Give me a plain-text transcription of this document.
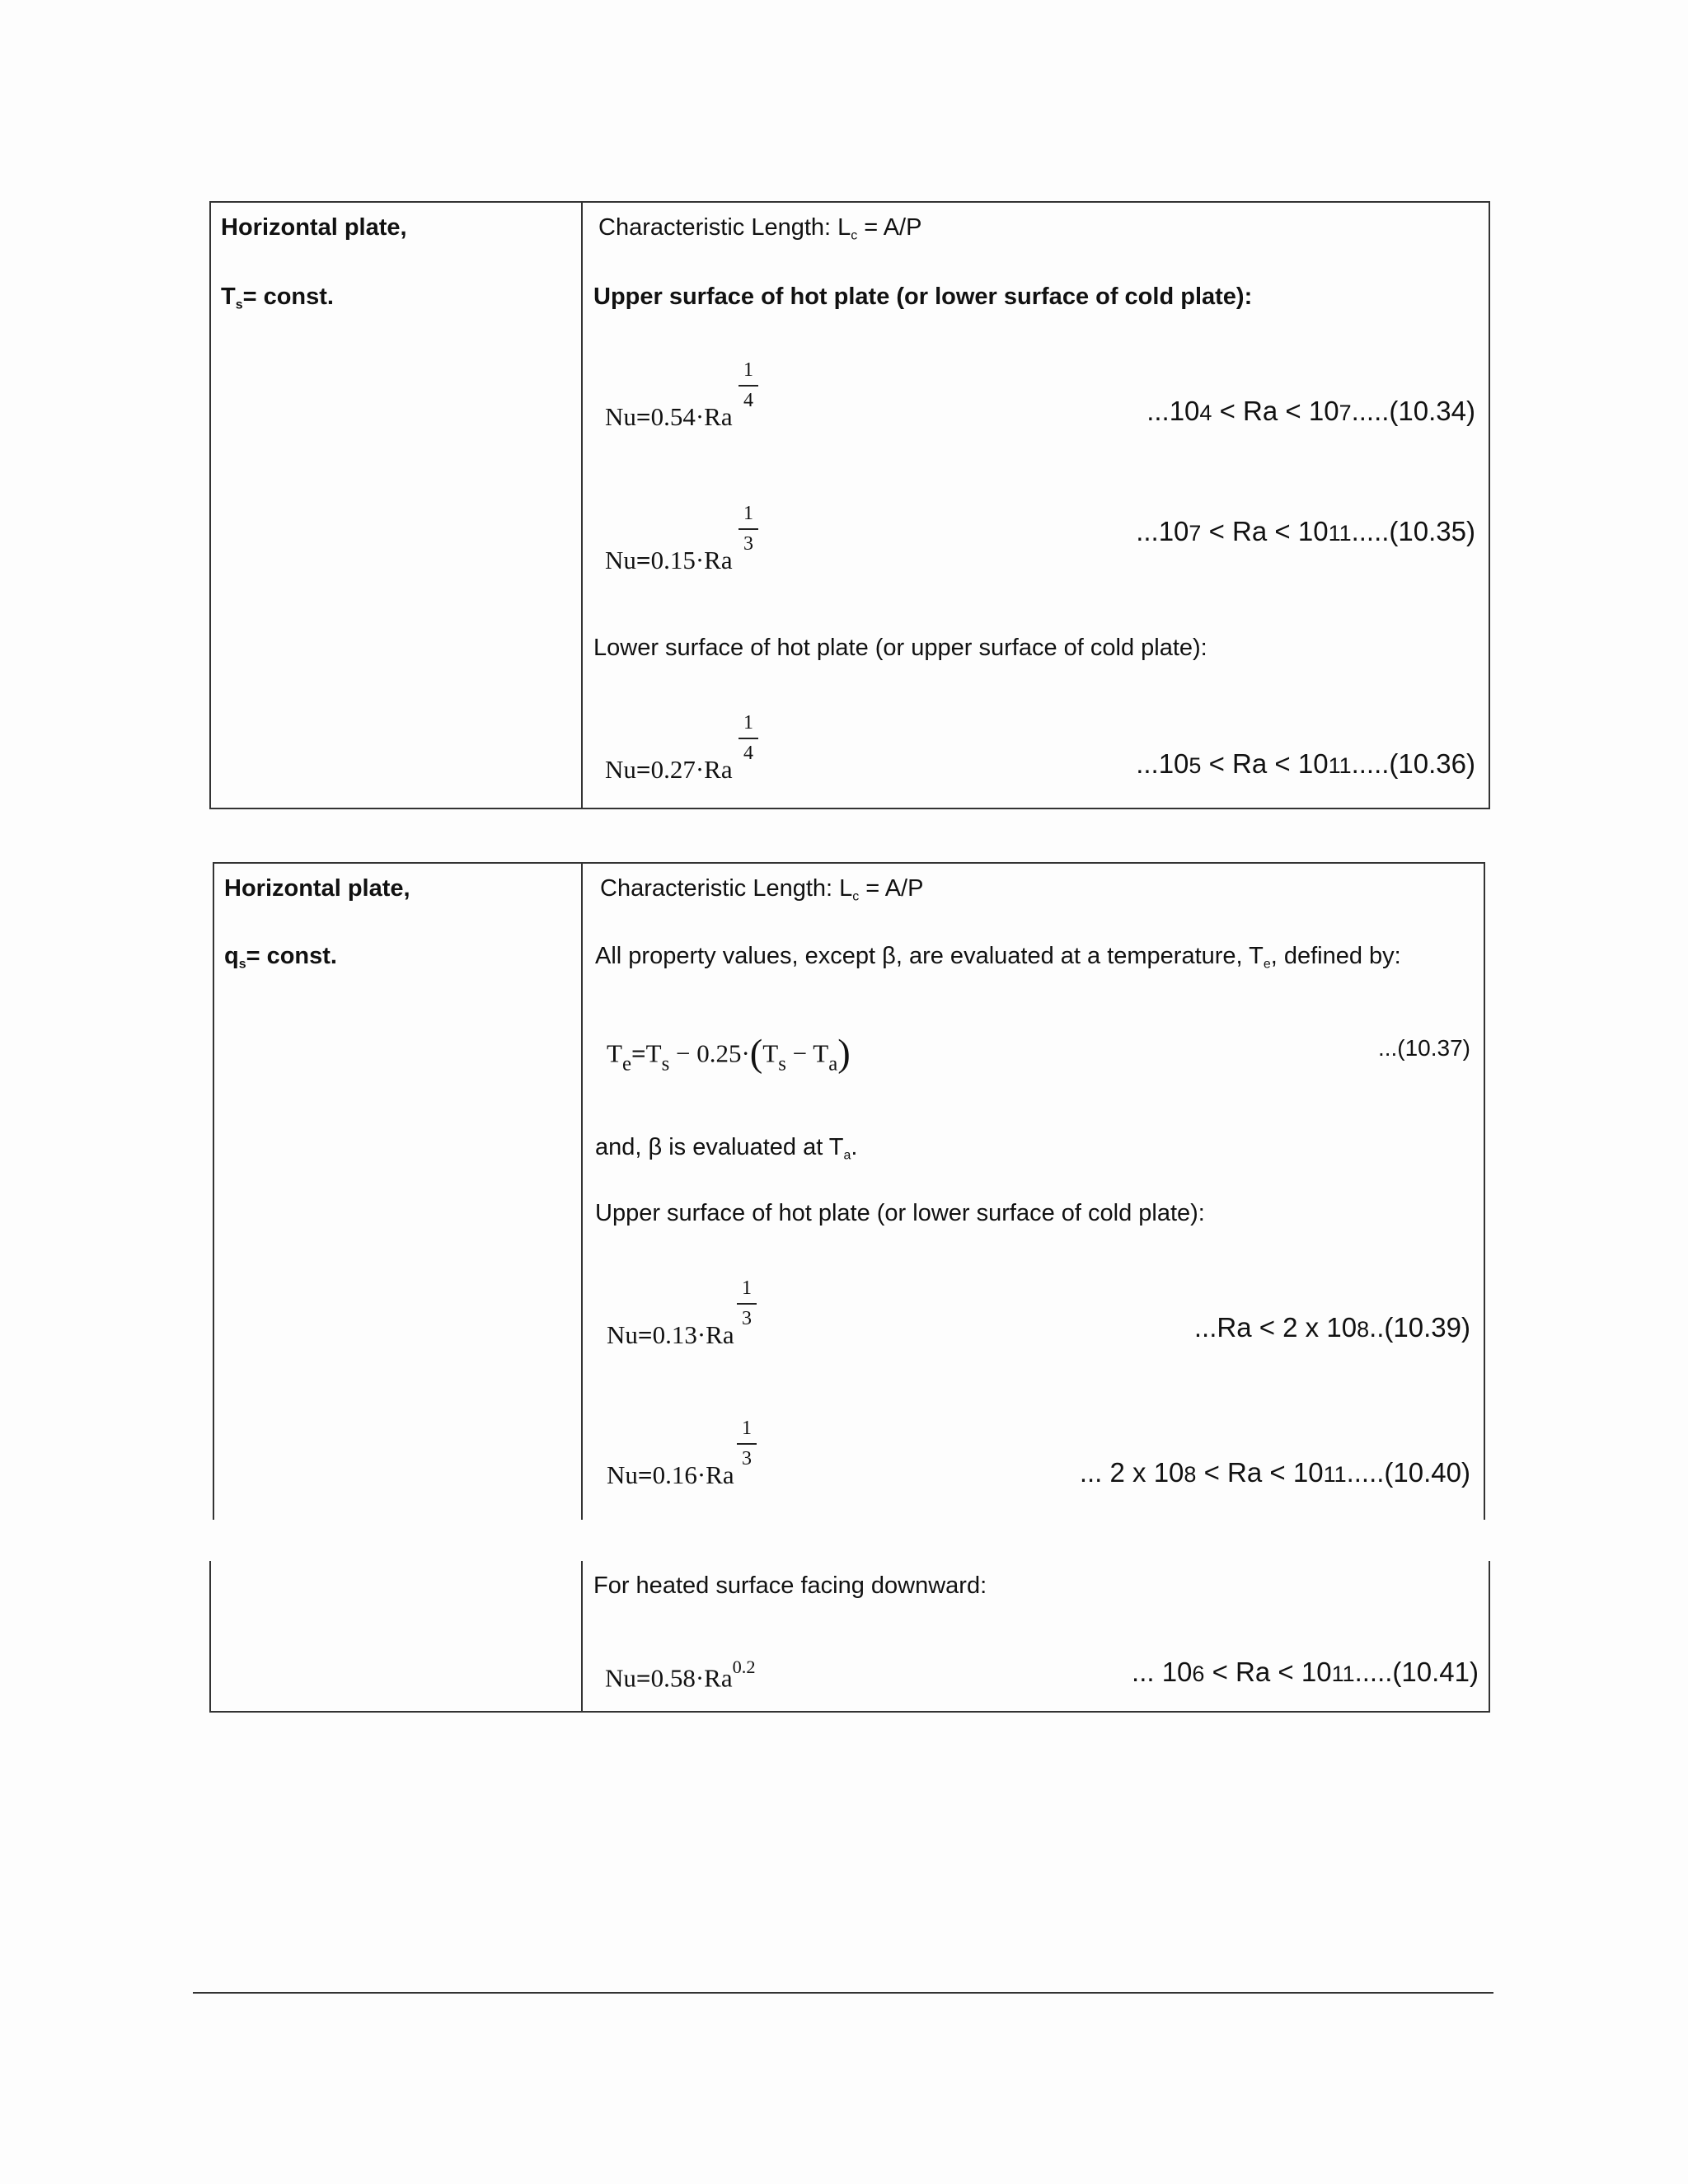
Horizontal plate,
$T_s=$ const.
Characteristic Length: $L_c = A/P$
Upper surface of hot plate (or lower surface of cold plate):
Nu=0.54·Ra
1
4	...104 < Ra < 107.....(10.34)
Nu=0.15·Ra
1
3	...107 < Ra < 1011.....(10.35)
Lower surface of hot plate (or upper surface of cold plate):
Nu=0.27·Ra
1
4	...105 < Ra < 1011.....(10.36)
Horizontal plate,
$q_s=$ const.
Characteristic Length: $L_c = A/P$
All property values, except β, are evaluated at a temperature, $T_e$, defined by:
$T_e=T_s - 0.25\cdot(T_s - T_a)$	...(10.37)
and, β is evaluated at $T_a$.
Upper surface of hot plate (or lower surface of cold plate):
Nu=0.13·Ra
1
3	...Ra < 2 x 108..(10.39)
Nu=0.16·Ra
1
3	... 2 x 108 < Ra < 1011.....(10.40)
For heated surface facing downward:
$Nu=0.58\cdot Ra^{0.2}$	... 106 < Ra < 1011.....(10.41)
